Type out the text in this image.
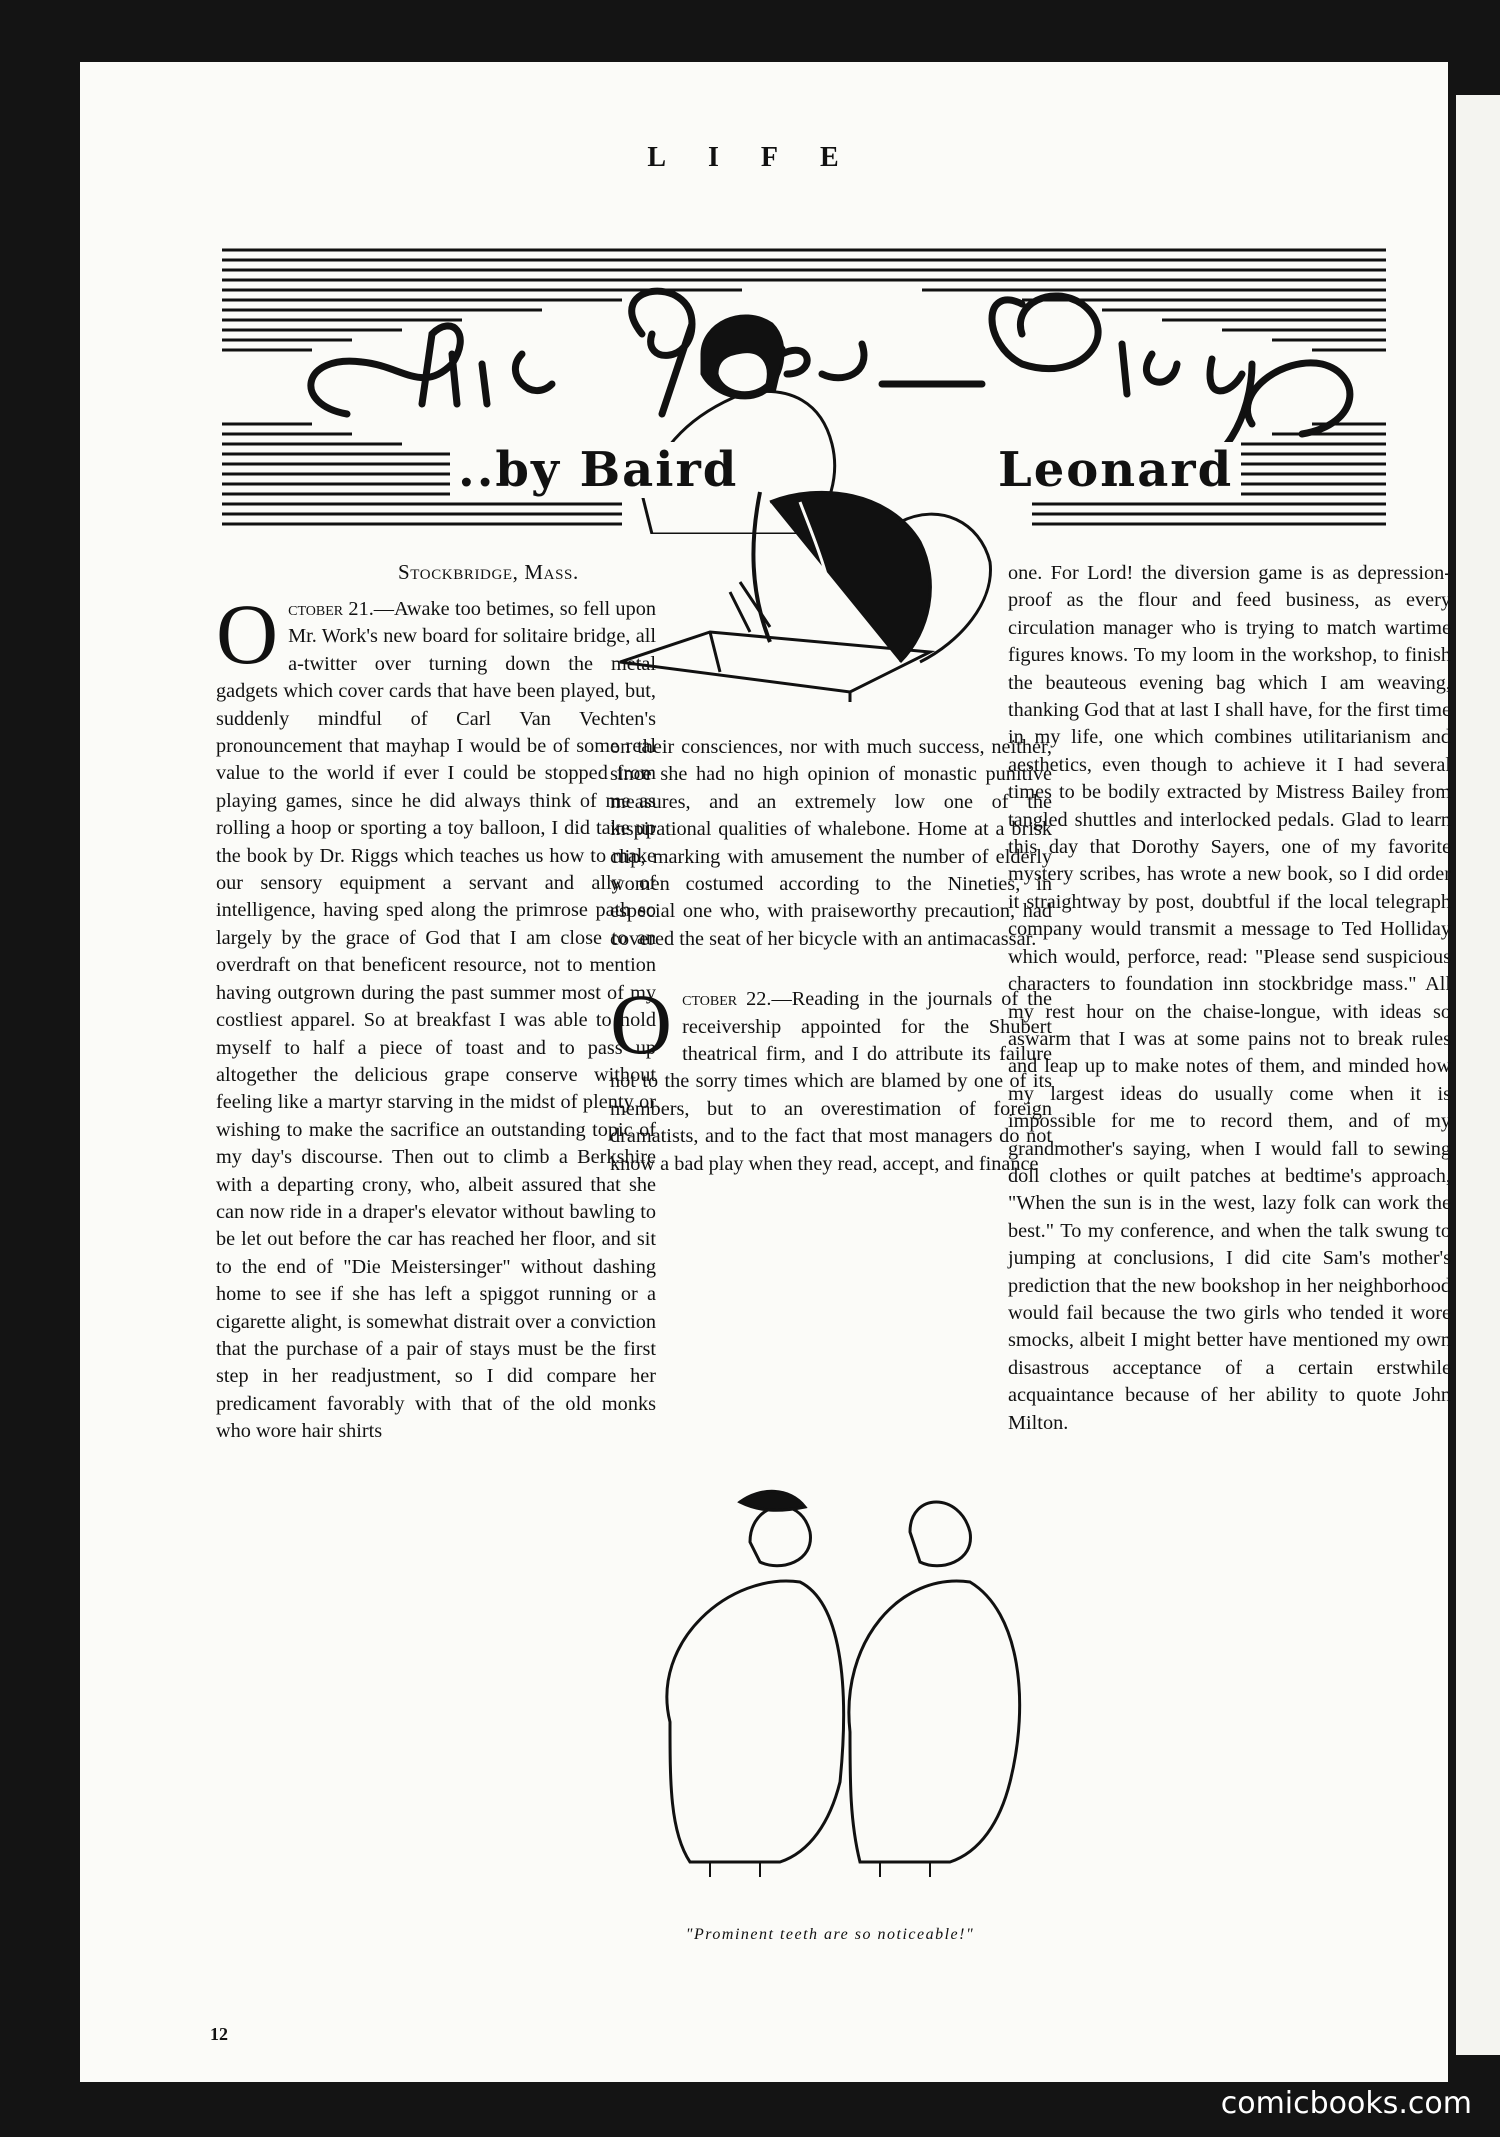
LIFE
..by Baird	Leonard
Stockbridge, Mass.

October 21.—Awake too betimes, so fell upon Mr. Work's new board for solitaire bridge, all a-twitter over turning down the metal gadgets which cover cards that have been played, but, suddenly mindful of Carl Van Vechten's pronouncement that mayhap I would be of some real value to the world if ever I could be stopped from playing games, since he did always think of me as rolling a hoop or sporting a toy balloon, I did take up the book by Dr. Riggs which teaches us how to make our sensory equipment a servant and ally of intelligence, having sped along the primrose path so largely by the grace of God that I am close to an overdraft on that beneficent resource, not to mention having outgrown during the past summer most of my costliest apparel. So at breakfast I was able to hold myself to half a piece of toast and to pass up altogether the delicious grape conserve without feeling like a martyr starving in the midst of plenty or wishing to make the sacrifice an outstanding topic of my day's discourse. Then out to climb a Berkshire with a departing crony, who, albeit assured that she can now ride in a draper's elevator without bawling to be let out before the car has reached her floor, and sit to the end of "Die Meistersinger" without dashing home to see if she has left a spiggot running or a cigarette alight, is somewhat distrait over a conviction that the purchase of a pair of stays must be the first step in her readjustment, so I did compare her predicament favorably with that of the old monks who wore hair shirts

on their consciences, nor with much success, neither, since she had no high opinion of monastic punitive measures, and an extremely low one of the inspirational qualities of whalebone. Home at a brisk clip, marking with amusement the number of elderly women costumed according to the Nineties, in especial one who, with praiseworthy precaution, had covered the seat of her bicycle with an antimacassar.

October 22.—Reading in the journals of the receivership appointed for the Shubert theatrical firm, and I do attribute its failure not to the sorry times which are blamed by one of its members, but to an overestimation of foreign dramatists, and to the fact that most managers do not know a bad play when they read, accept, and finance

"Prominent teeth are so noticeable!"

one. For Lord! the diversion game is as depression-proof as the flour and feed business, as every circulation manager who is trying to match wartime figures knows. To my loom in the workshop, to finish the beauteous evening bag which I am weaving, thanking God that at last I shall have, for the first time in my life, one which combines utilitarianism and aesthetics, even though to achieve it I had several times to be bodily extracted by Mistress Bailey from tangled shuttles and interlocked pedals. Glad to learn this day that Dorothy Sayers, one of my favorite mystery scribes, has wrote a new book, so I did order it straightway by post, doubtful if the local telegraph company would transmit a message to Ted Holliday which would, perforce, read: "Please send suspicious characters to foundation inn stockbridge mass." All my rest hour on the chaise-longue, with ideas so aswarm that I was at some pains not to break rules and leap up to make notes of them, and minded how my largest ideas do usually come when it is impossible for me to record them, and of my grandmother's saying, when I would fall to sewing doll clothes or quilt patches at bedtime's approach, "When the sun is in the west, lazy folk can work the best." To my conference, and when the talk swung to jumping at conclusions, I did cite Sam's mother's prediction that the new bookshop in her neighborhood would fail because the two girls who tended it wore smocks, albeit I might better have mentioned my own disastrous acceptance of a certain erstwhile acquaintance because of her ability to quote John Milton.

12
comicbooks.com
